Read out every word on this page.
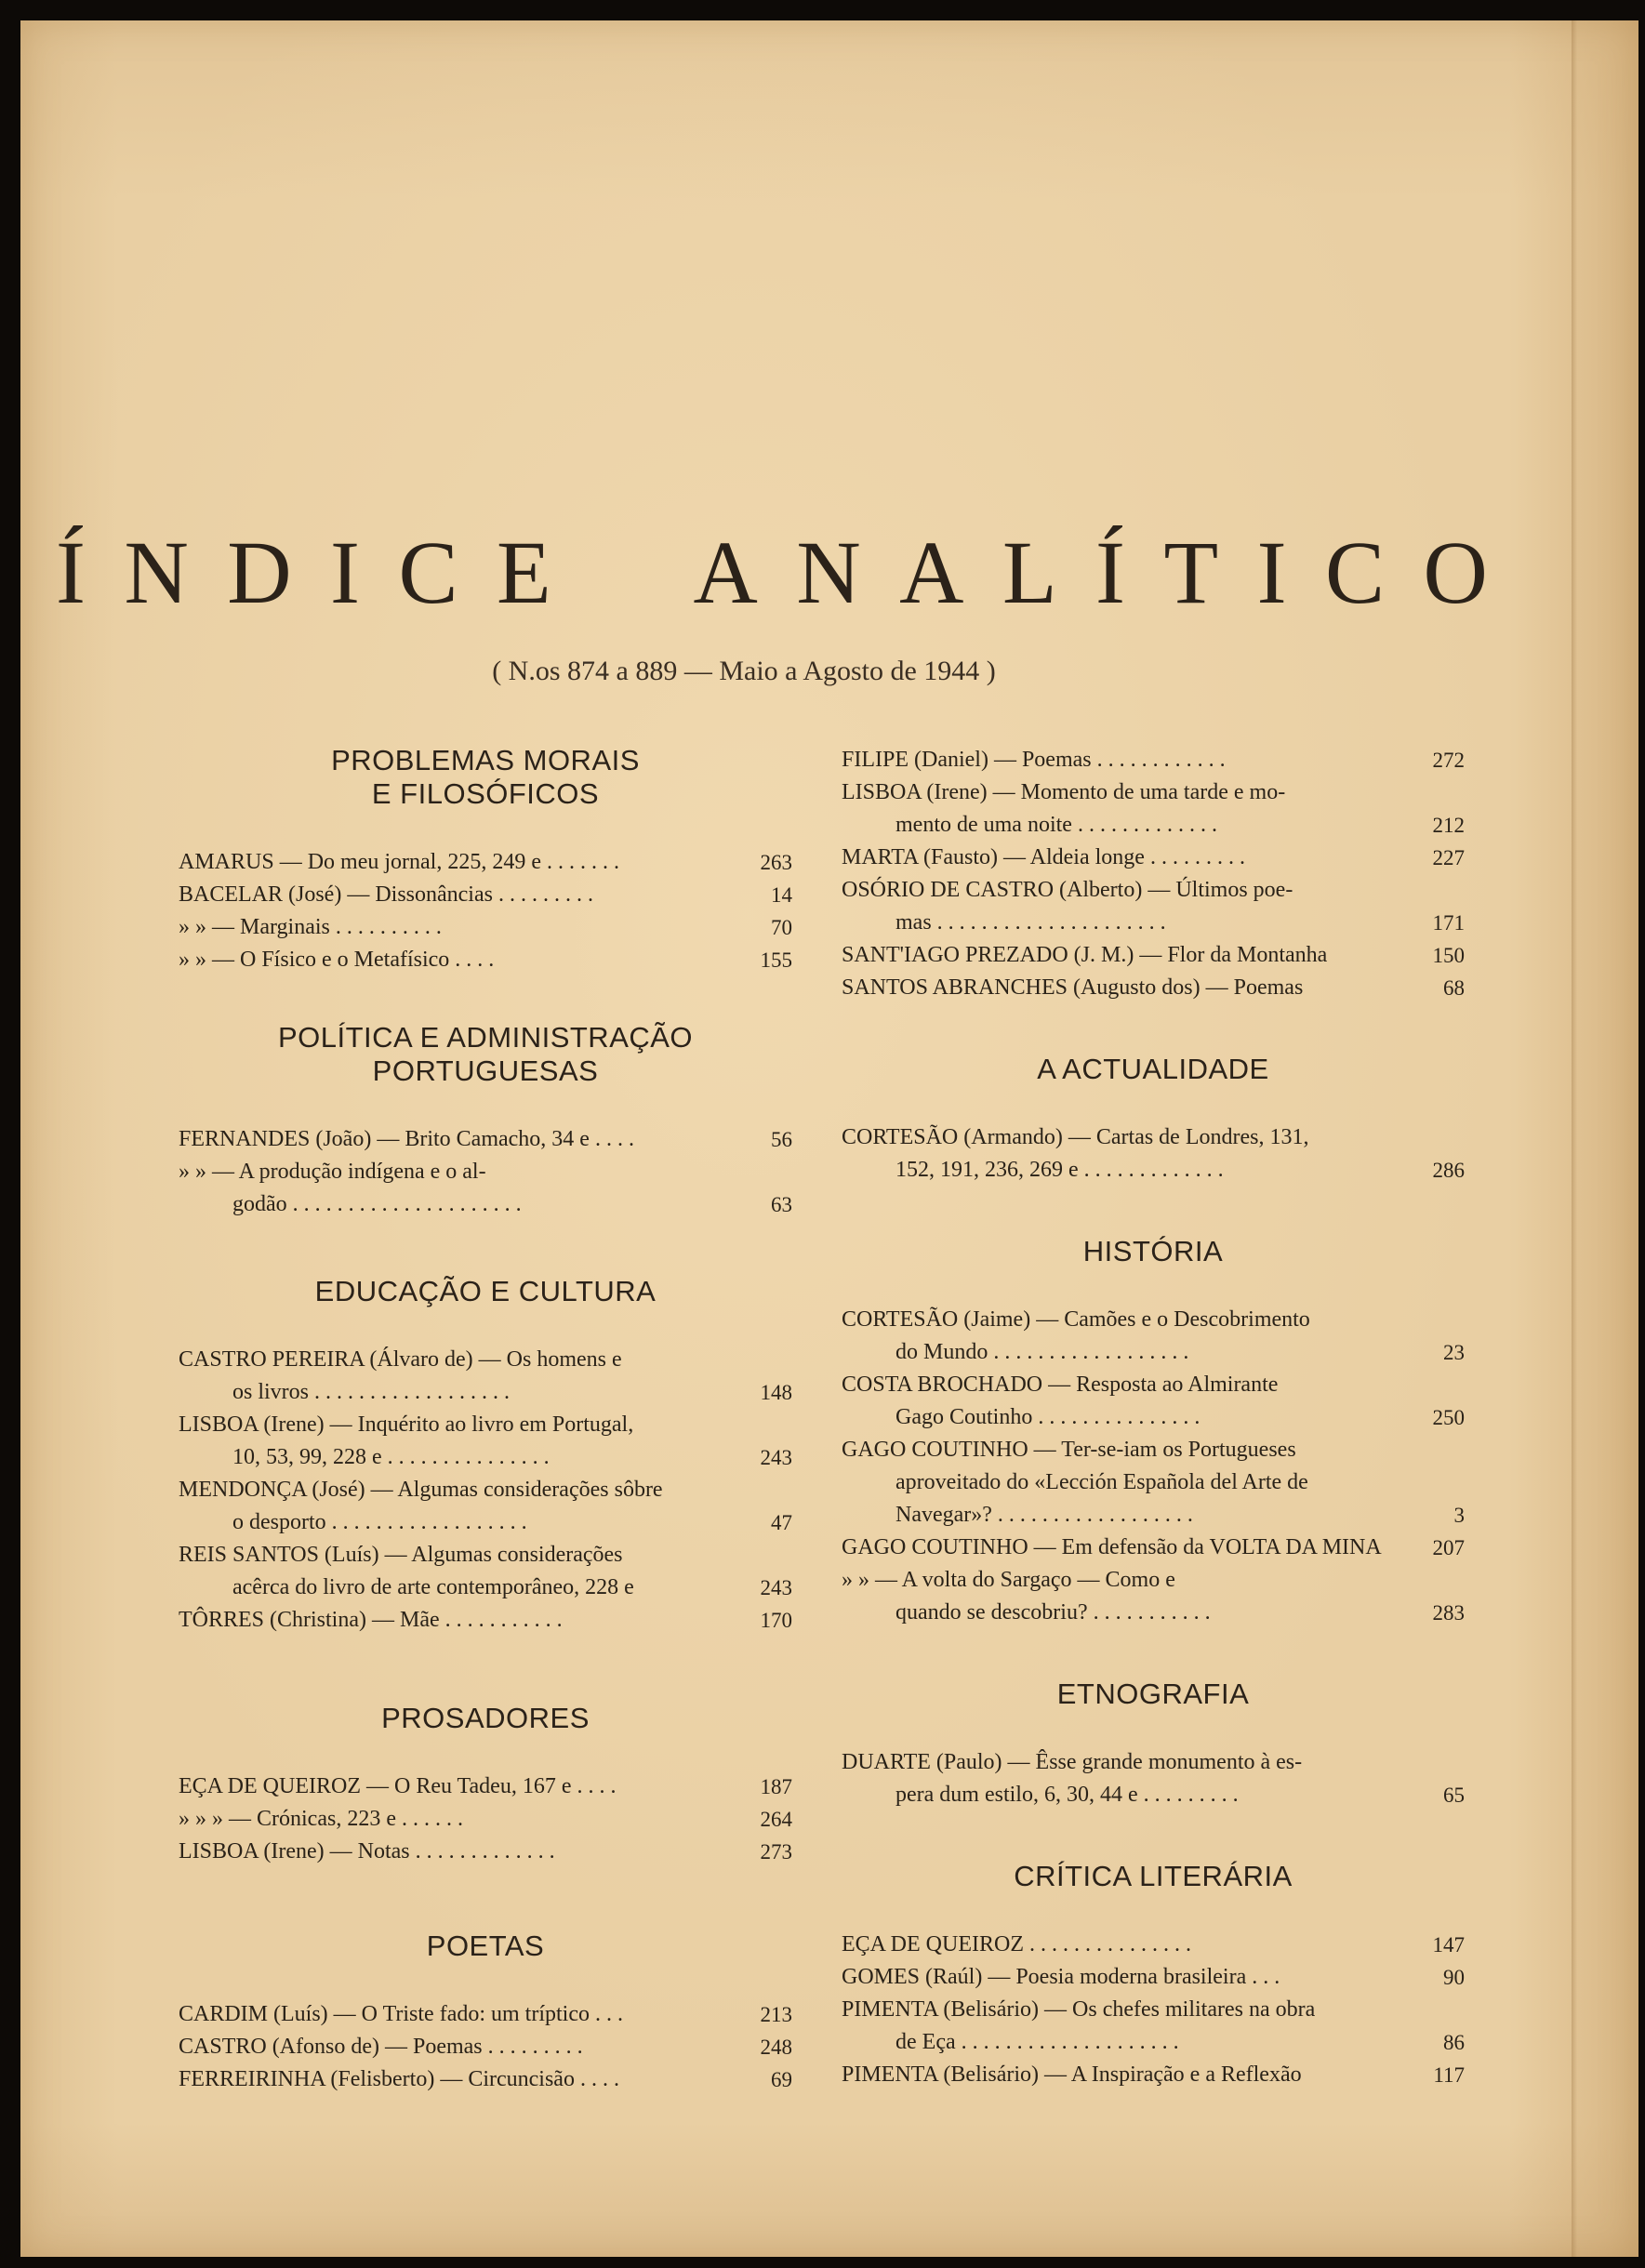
Í N D I C E A N A L Í T I C O
( N.os 874 a 889 — Maio a Agosto de 1944 )
PROBLEMAS MORAIS
E FILOSÓFICOS
AMARUS — Do meu jornal, 225, 249 e . . . . . . .	263
BACELAR (José) — Dissonâncias . . . . . . . . .	14
» » — Marginais . . . . . . . . . .	70
» » — O Físico e o Metafísico . . . .	155
POLÍTICA E ADMINISTRAÇÃO
PORTUGUESAS
FERNANDES (João) — Brito Camacho, 34 e . . . .	56
» » — A produção indígena e o al-
godão . . . . . . . . . . . . . . . . . . . . .	63
EDUCAÇÃO E CULTURA
CASTRO PEREIRA (Álvaro de) — Os homens e
os livros . . . . . . . . . . . . . . . . . .	148
LISBOA (Irene) — Inquérito ao livro em Portugal,
10, 53, 99, 228 e . . . . . . . . . . . . . . .	243
MENDONÇA (José) — Algumas considerações sôbre
o desporto . . . . . . . . . . . . . . . . . .	47
REIS SANTOS (Luís) — Algumas considerações
acêrca do livro de arte contemporâneo, 228 e	243
TÔRRES (Christina) — Mãe . . . . . . . . . . .	170
PROSADORES
EÇA DE QUEIROZ — O Reu Tadeu, 167 e . . . .	187
» » » — Crónicas, 223 e . . . . . .	264
LISBOA (Irene) — Notas . . . . . . . . . . . . .	273
POETAS
CARDIM (Luís) — O Triste fado: um tríptico . . .	213
CASTRO (Afonso de) — Poemas . . . . . . . . .	248
FERREIRINHA (Felisberto) — Circuncisão . . . .	69
FILIPE (Daniel) — Poemas . . . . . . . . . . . .	272
LISBOA (Irene) — Momento de uma tarde e mo-
mento de uma noite . . . . . . . . . . . . .	212
MARTA (Fausto) — Aldeia longe . . . . . . . . .	227
OSÓRIO DE CASTRO (Alberto) — Últimos poe-
mas . . . . . . . . . . . . . . . . . . . . .	171
SANT'IAGO PREZADO (J. M.) — Flor da Montanha	150
SANTOS ABRANCHES (Augusto dos) — Poemas	68
A ACTUALIDADE
CORTESÃO (Armando) — Cartas de Londres, 131,
152, 191, 236, 269 e . . . . . . . . . . . . .	286
HISTÓRIA
CORTESÃO (Jaime) — Camões e o Descobrimento
do Mundo . . . . . . . . . . . . . . . . . .	23
COSTA BROCHADO — Resposta ao Almirante
Gago Coutinho . . . . . . . . . . . . . . .	250
GAGO COUTINHO — Ter-se-iam os Portugueses
aproveitado do «Lección Española del Arte de
Navegar»? . . . . . . . . . . . . . . . . . .	3
GAGO COUTINHO — Em defensão da VOLTA DA MINA	207
» » — A volta do Sargaço — Como e
quando se descobriu? . . . . . . . . . . .	283
ETNOGRAFIA
DUARTE (Paulo) — Êsse grande monumento à es-
pera dum estilo, 6, 30, 44 e . . . . . . . . .	65
CRÍTICA LITERÁRIA
EÇA DE QUEIROZ . . . . . . . . . . . . . . .	147
GOMES (Raúl) — Poesia moderna brasileira . . .	90
PIMENTA (Belisário) — Os chefes militares na obra
de Eça . . . . . . . . . . . . . . . . . . . .	86
PIMENTA (Belisário) — A Inspiração e a Reflexão	117
